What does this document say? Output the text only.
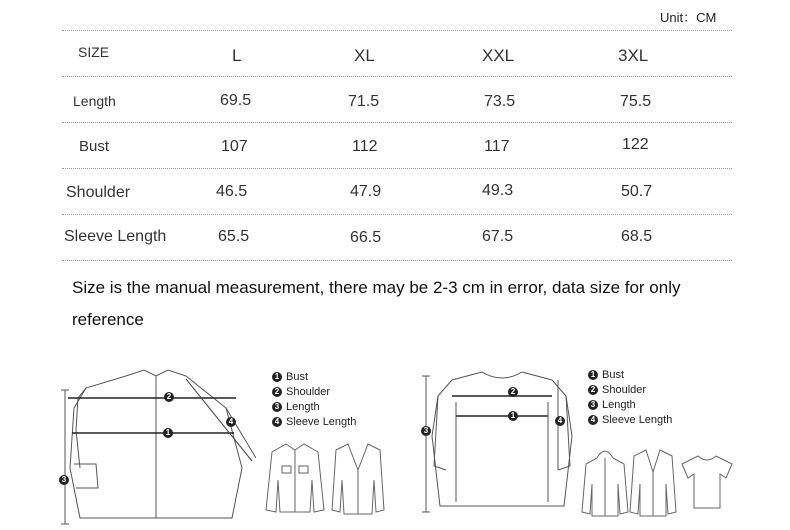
Unit：CM
SIZE	L	XL	XXL	3XL
Length	69.5	71.5	73.5	75.5
Bust	107	112	117	122
Shoulder	46.5	47.9	49.3	50.7
Sleeve Length	65.5	66.5	67.5	68.5
Size is the manual measurement, there may be 2-3 cm in error, data size for only
reference
2
1
4
3
1 Bust
2 Shoulder
3 Length
4 Sleeve Length
2
1
4
3
1 Bust
2 Shoulder
3 Length
4 Sleeve Length
